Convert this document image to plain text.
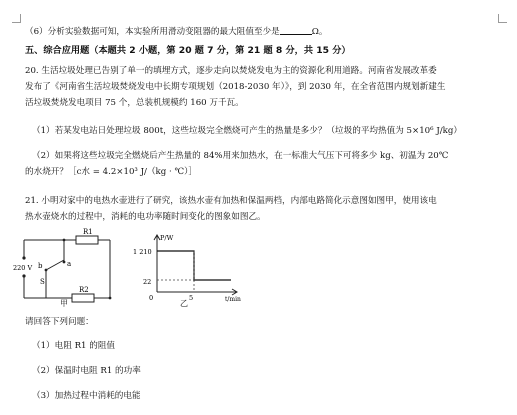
（6）分析实验数据可知，本实验所用滑动变阻器的最大阻值至少是	Ω。
五、综合应用题（本题共 2 小题，第 20 题 7 分，第 21 题 8 分，共 15 分）
20. 生活垃圾处理已告别了单一的填埋方式，逐步走向以焚烧发电为主的资源化利用道路。河南省发展改革委
发布了《河南省生活垃圾焚烧发电中长期专项规划（2018-2030 年）》，到 2030 年，在全省范围内规划新建生
活垃圾焚烧发电项目 75 个，总装机规模约 160 万千瓦。
（1）若某发电站日处理垃圾 800t，这些垃圾完全燃烧可产生的热量是多少？（垃圾的平均热值为 5×10⁶ J/kg）
（2）如果将这些垃圾完全燃烧后产生热量的 84%用来加热水，在一标准大气压下可将多少 kg、初温为 20℃
的水烧开？［c水 = 4.2×10³ J/（kg · ℃）］
21. 小明对家中的电热水壶进行了研究，该热水壶有加热和保温两档，内部电路简化示意图如图甲，使用该电
热水壶烧水的过程中，消耗的电功率随时间变化的图象如图乙。
R1
R2
220 V
S
a
b
甲
P/W
t/min
1 210
22
0	5
乙
请回答下列问题：
（1）电阻 R1 的阻值
（2）保温时电阻 R1 的功率
（3）加热过程中消耗的电能
